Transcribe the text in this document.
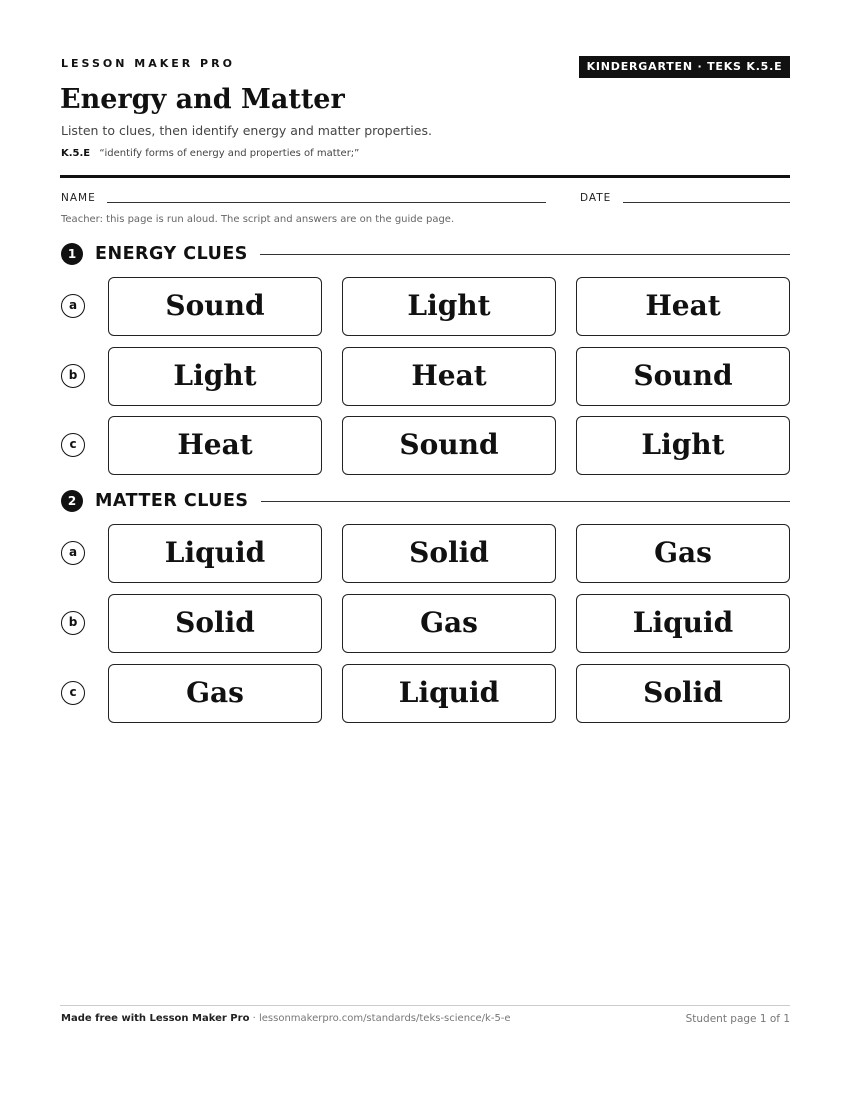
LESSON MAKER PRO	KINDERGARTEN · TEKS K.5.E
Energy and Matter
Listen to clues, then identify energy and matter properties.
K.5.E “identify forms of energy and properties of matter;”
NAME	DATE
Teacher: this page is run aloud. The script and answers are on the guide page.
1	ENERGY CLUES
a	Sound	Light	Heat
b	Light	Heat	Sound
c	Heat	Sound	Light
2	MATTER CLUES
a	Liquid	Solid	Gas
b	Solid	Gas	Liquid
c	Gas	Liquid	Solid
Made free with Lesson Maker Pro · lessonmakerpro.com/standards/teks-science/k-5-e	Student page 1 of 1
